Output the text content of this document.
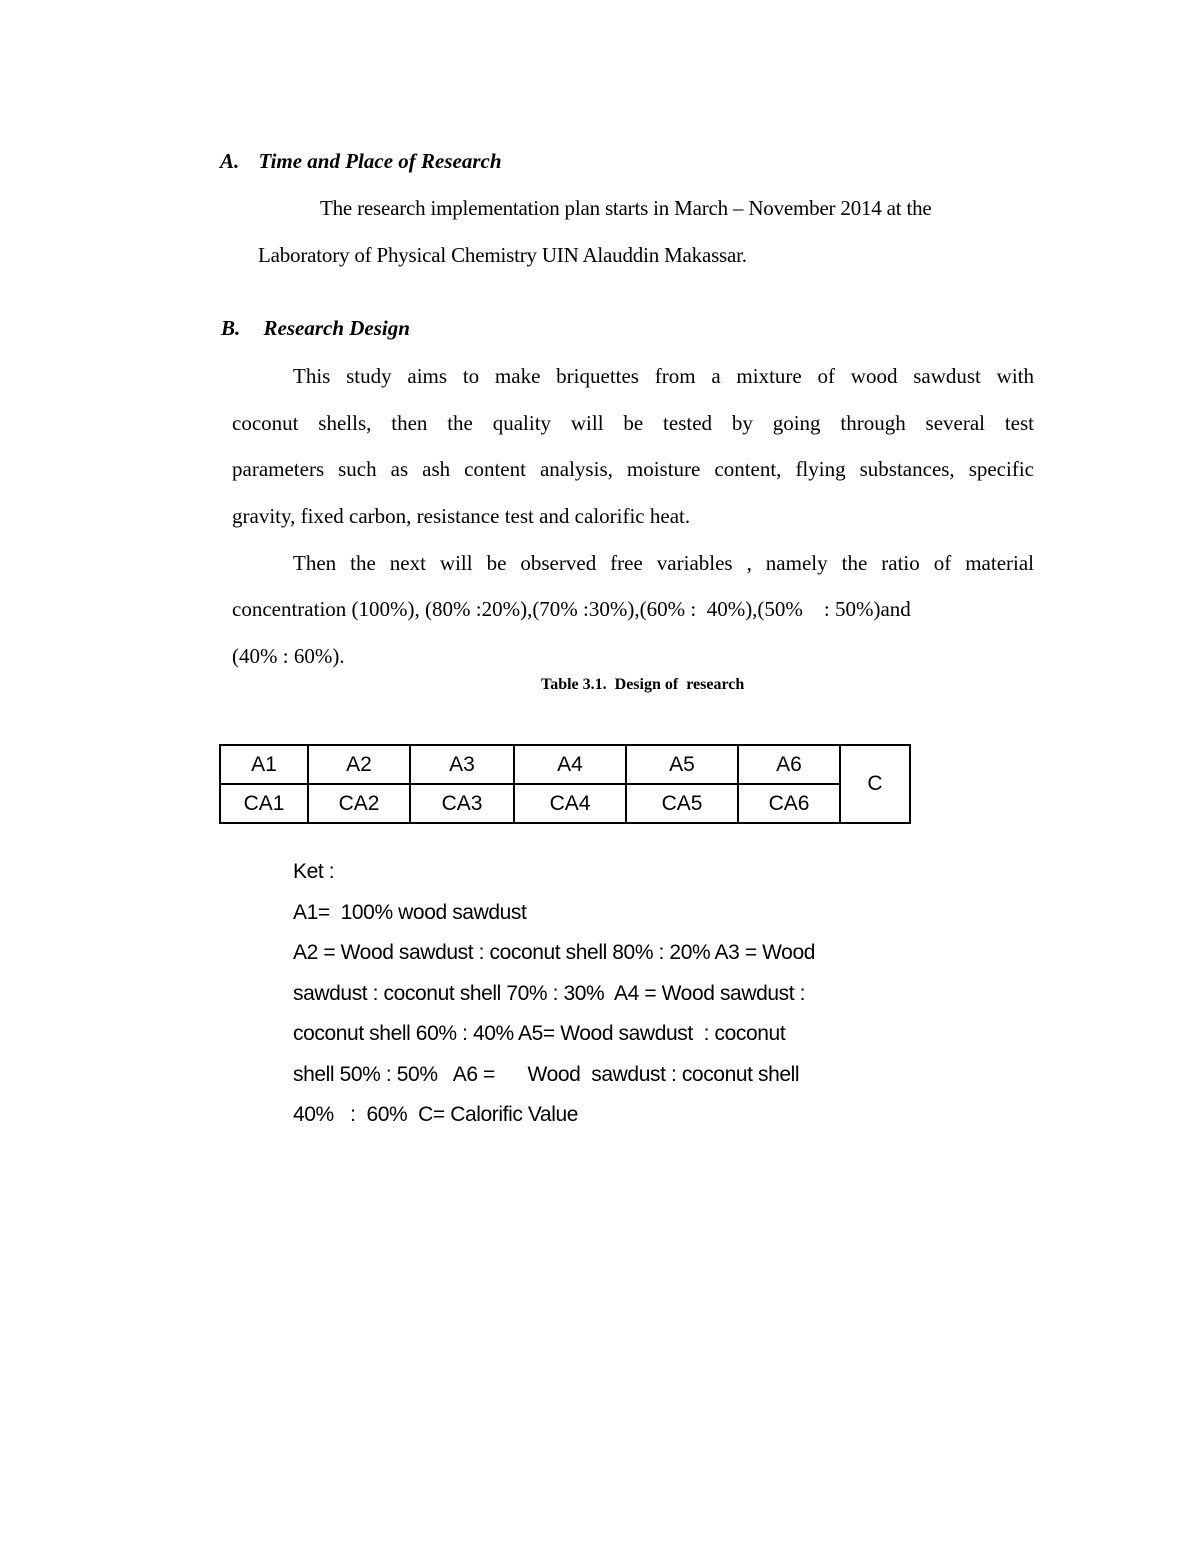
A. Time and Place of Research
The research implementation plan starts in March – November 2014 at the
Laboratory of Physical Chemistry UIN Alauddin Makassar.
B. Research Design
This study aims to make briquettes from a mixture of wood sawdust with
coconut shells, then the quality will be tested by going through several test
parameters such as ash content analysis, moisture content, flying substances, specific
gravity, fixed carbon, resistance test and calorific heat.
Then the next will be observed free variables , namely the ratio of material
concentration (100%), (80% :20%),(70% :30%),(60% :  40%),(50%    : 50%)and
(40% : 60%).
Table 3.1.  Design of  research
A1	A2	A3	A4	A5	A6	C
CA1	CA2	CA3	CA4	CA5	CA6	
Ket :
A1=  100% wood sawdust
A2 = Wood sawdust : coconut shell 80% : 20% A3 = Wood
sawdust : coconut shell 70% : 30%  A4 = Wood sawdust :
coconut shell 60% : 40% A5= Wood sawdust  : coconut
shell 50% : 50%   A6 =      Wood  sawdust : coconut shell
40%   :  60%  C= Calorific Value
